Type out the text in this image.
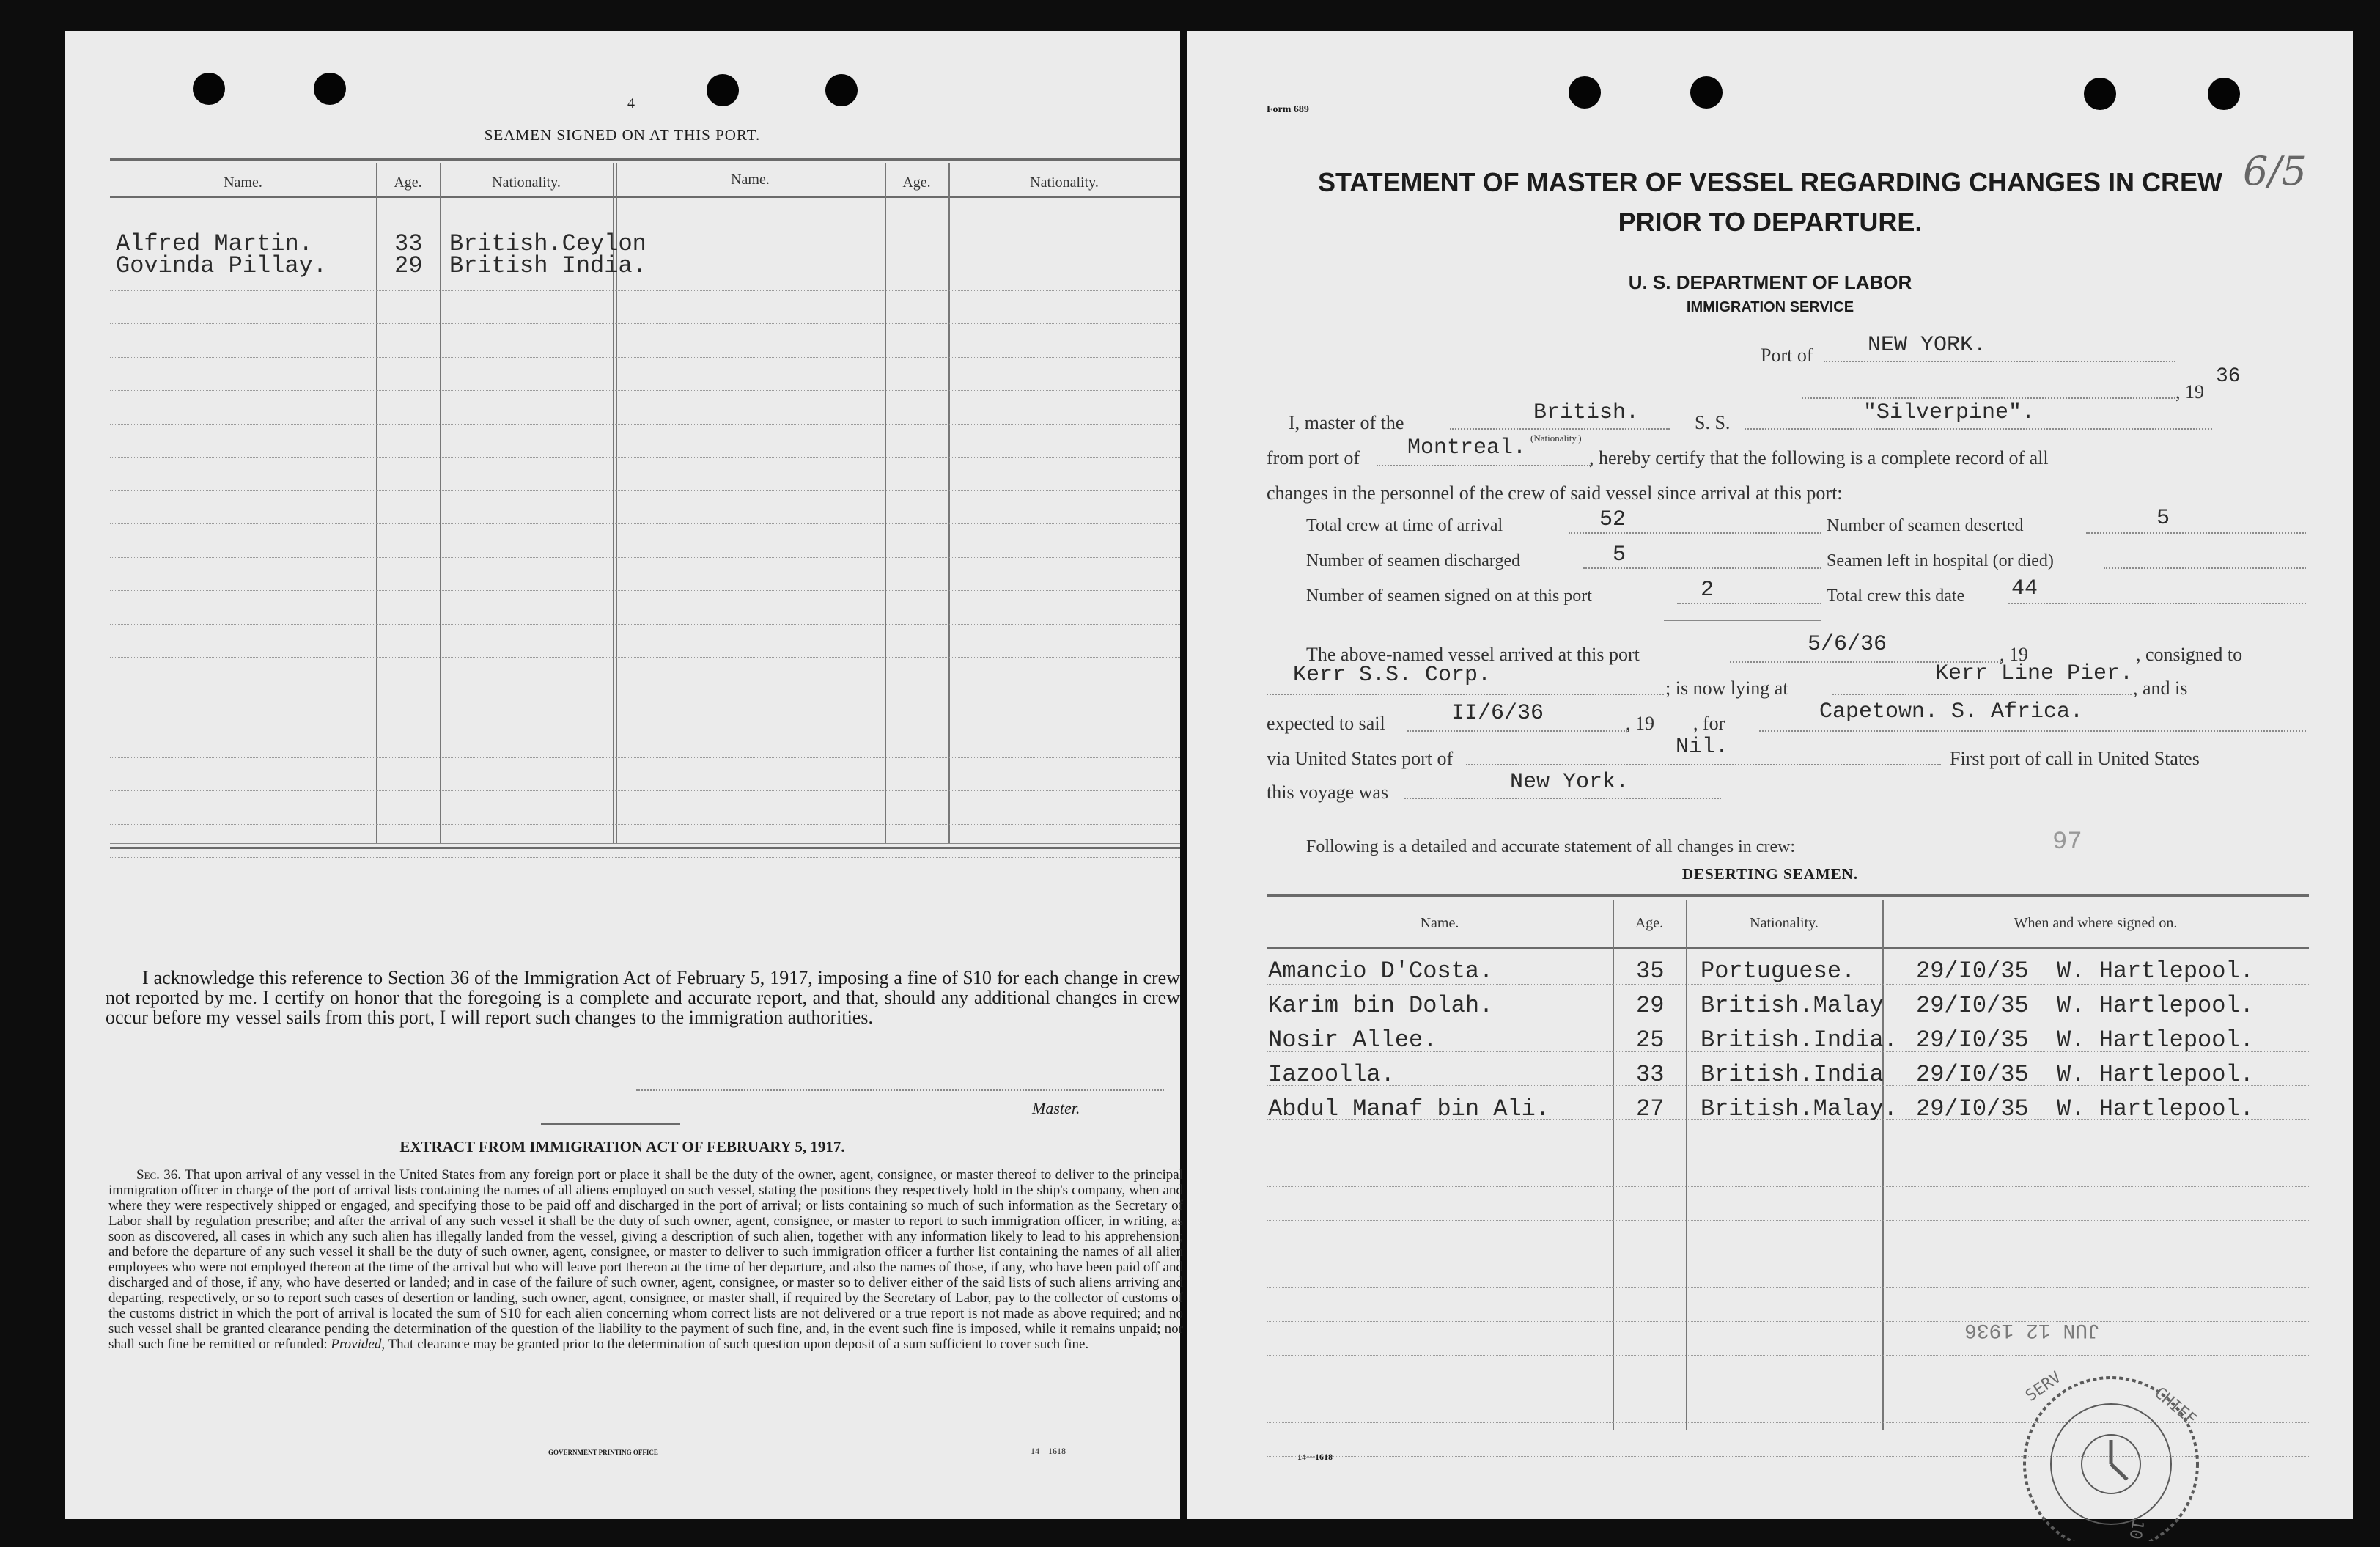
4
SEAMEN SIGNED ON AT THIS PORT.
Name.	Age.	Nationality.	Name.	Age.	Nationality.
Alfred Martin.	33 British.Ceylon
Govinda Pillay.	29 British India.
I acknowledge this reference to Section 36 of the Immigration Act of February 5, 1917, imposing a fine of $10 for each change in crew not reported by me. I certify on honor that the foregoing is a complete and accurate report, and that, should any additional changes in crew occur before my vessel sails from this port, I will report such changes to the immigration authorities.
Master.
EXTRACT FROM IMMIGRATION ACT OF FEBRUARY 5, 1917.
Sec. 36. That upon arrival of any vessel in the United States from any foreign port or place it shall be the duty of the owner, agent, consignee, or master thereof to deliver to the principal immigration officer in charge of the port of arrival lists containing the names of all aliens employed on such vessel, stating the positions they respectively hold in the ship's company, when and where they were respectively shipped or engaged, and specifying those to be paid off and discharged in the port of arrival; or lists containing so much of such information as the Secretary of Labor shall by regulation prescribe; and after the arrival of any such vessel it shall be the duty of such owner, agent, consignee, or master to report to such immigration officer, in writing, as soon as discovered, all cases in which any such alien has illegally landed from the vessel, giving a description of such alien, together with any information likely to lead to his apprehension; and before the departure of any such vessel it shall be the duty of such owner, agent, consignee, or master to deliver to such immigration officer a further list containing the names of all alien employees who were not employed thereon at the time of the arrival but who will leave port thereon at the time of her departure, and also the names of those, if any, who have been paid off and discharged and of those, if any, who have deserted or landed; and in case of the failure of such owner, agent, consignee, or master so to deliver either of the said lists of such aliens arriving and departing, respectively, or so to report such cases of desertion or landing, such owner, agent, consignee, or master shall, if required by the Secretary of Labor, pay to the collector of customs of the customs district in which the port of arrival is located the sum of $10 for each alien concerning whom correct lists are not delivered or a true report is not made as above required; and no such vessel shall be granted clearance pending the determination of the question of the liability to the payment of such fine, and, in the event such fine is imposed, while it remains unpaid; nor shall such fine be remitted or refunded: Provided, That clearance may be granted prior to the determination of such question upon deposit of a sum sufficient to cover such fine.
GOVERNMENT PRINTING OFFICE	14—1618
Form 689
6/5
STATEMENT OF MASTER OF VESSEL REGARDING CHANGES IN CREW
PRIOR TO DEPARTURE.
U. S. DEPARTMENT OF LABOR
IMMIGRATION SERVICE
Port of NEW YORK.
, 19
36
I, master of the	British.
(Nationality.)
S. S.	"Silverpine".
from port of Montreal.	, hereby certify that the following is a complete record of all
changes in the personnel of the crew of said vessel since arrival at this port:
Total crew at time of arrival	52	Number of seamen deserted	5
Number of seamen discharged	5	Seamen left in hospital (or died)
Number of seamen signed on at this port	2	Total crew this date 44
The above-named vessel arrived at this port	5/6/36	, 19	, consigned to
Kerr S.S. Corp.
; is now lying at
Kerr Line Pier.
, and is
expected to sail	II/6/36	, 19 , for	Capetown. S. Africa.
via United States port of	Nil.	First port of call in United States
this voyage was	New York.
Following is a detailed and accurate statement of all changes in crew:	97
DESERTING SEAMEN.
Name.	Age.	Nationality.	When and where signed on.
Amancio D'Costa.	35 Portuguese.	29/I0/35 W. Hartlepool.
Karim bin Dolah.	29 British.Malay 29/I0/35 W. Hartlepool.
Nosir Allee.	25 British.India. 29/I0/35 W. Hartlepool.
Iazoolla.	33 British.India 29/I0/35 W. Hartlepool.
Abdul Manaf bin Ali.	27 British.Malay. 29/I0/35 W. Hartlepool.
14—1618
SERV	CHIEF
10
JUN 12 1936
